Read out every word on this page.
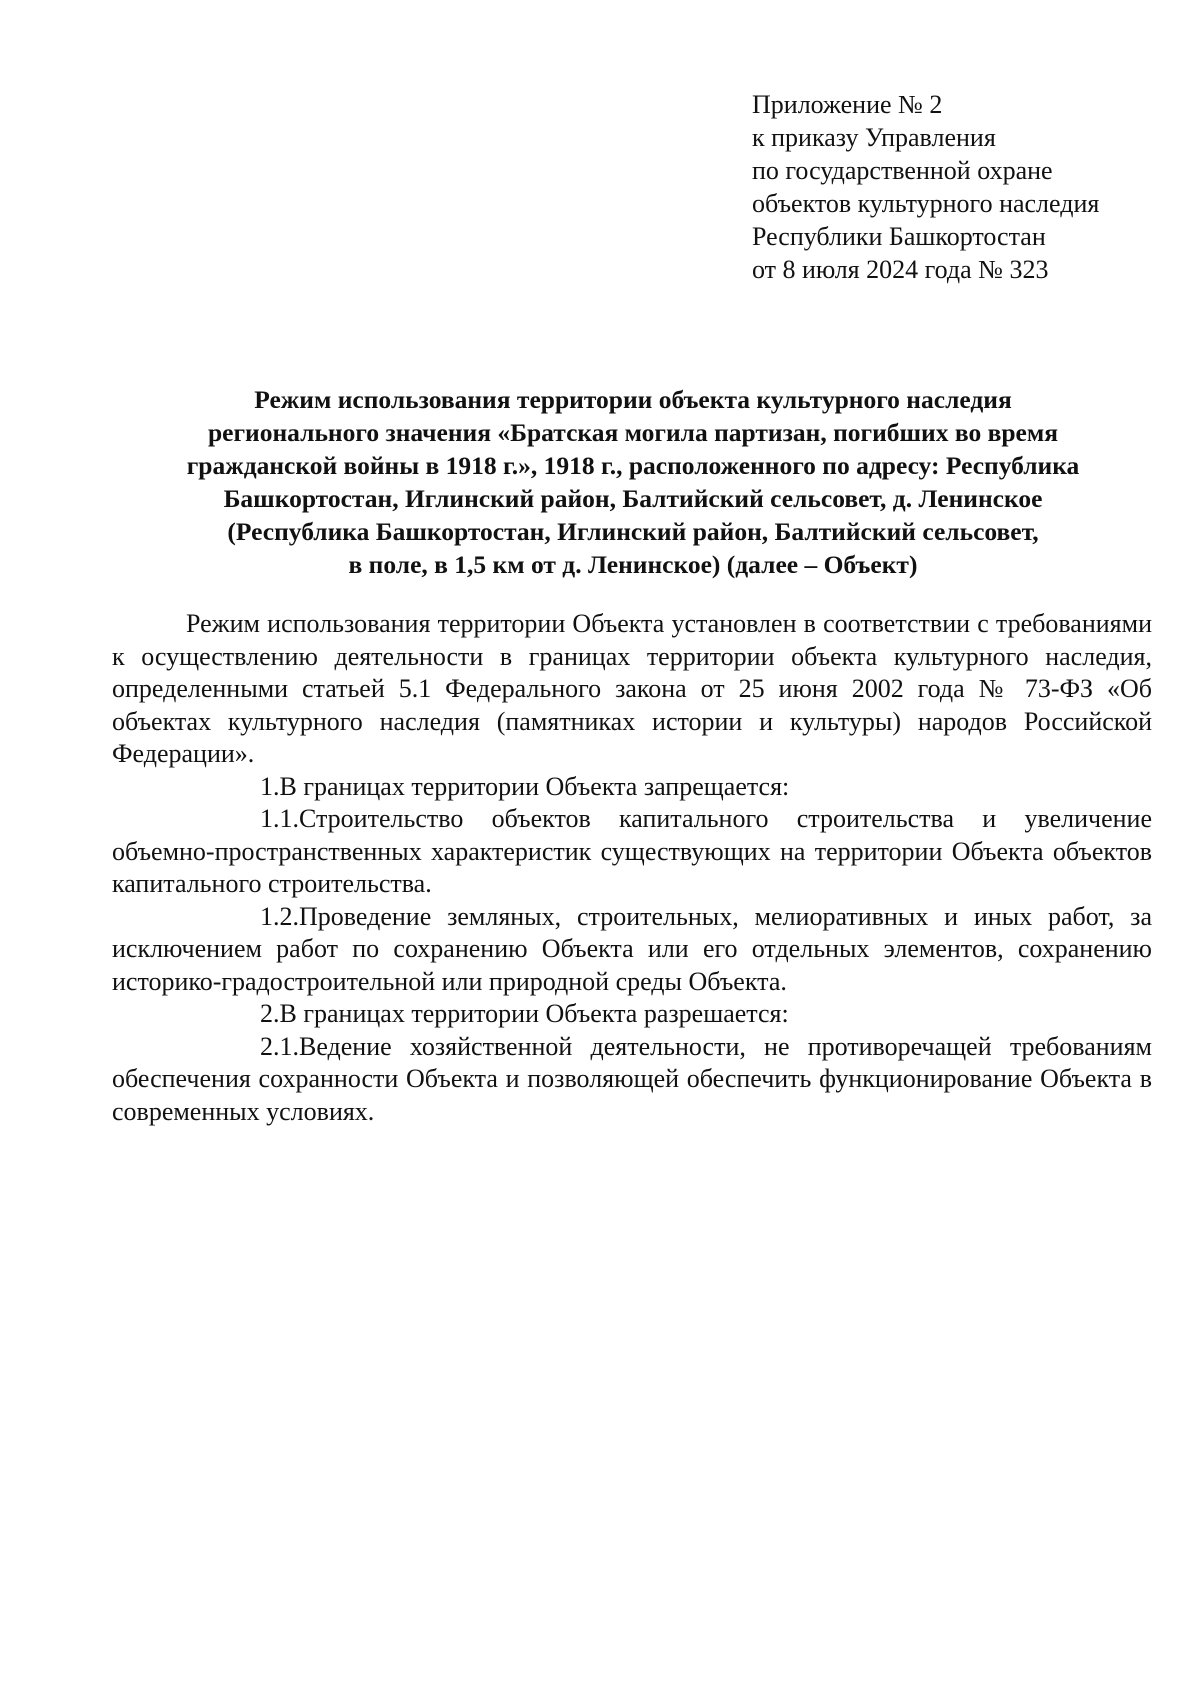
Приложение № 2
к приказу Управления
по государственной охране
объектов культурного наследия
Республики Башкортостан
от 8 июля 2024 года № 323
Режим использования территории объекта культурного наследия
регионального значения «Братская могила партизан, погибших во время
гражданской войны в 1918 г.», 1918 г., расположенного по адресу: Республика
Башкортостан, Иглинский район, Балтийский сельсовет, д. Ленинское
(Республика Башкортостан, Иглинский район, Балтийский сельсовет,
в поле, в 1,5 км от д. Ленинское) (далее – Объект)

Режим использования территории Объекта установлен в соответствии с требованиями к осуществлению деятельности в границах территории объекта культурного наследия, определенными статьей 5.1 Федерального закона от 25 июня 2002 года № 73-ФЗ «Об объектах культурного наследия (памятниках истории и культуры) народов Российской Федерации».

1.В границах территории Объекта запрещается:

1.1.Строительство объектов капитального строительства и увеличение объемно-пространственных характеристик существующих на территории Объекта объектов капитального строительства.

1.2.Проведение земляных, строительных, мелиоративных и иных работ, за исключением работ по сохранению Объекта или его отдельных элементов, сохранению историко-градостроительной или природной среды Объекта.

2.В границах территории Объекта разрешается:

2.1.Ведение хозяйственной деятельности, не противоречащей требованиям обеспечения сохранности Объекта и позволяющей обеспечить функционирование Объекта в современных условиях.
